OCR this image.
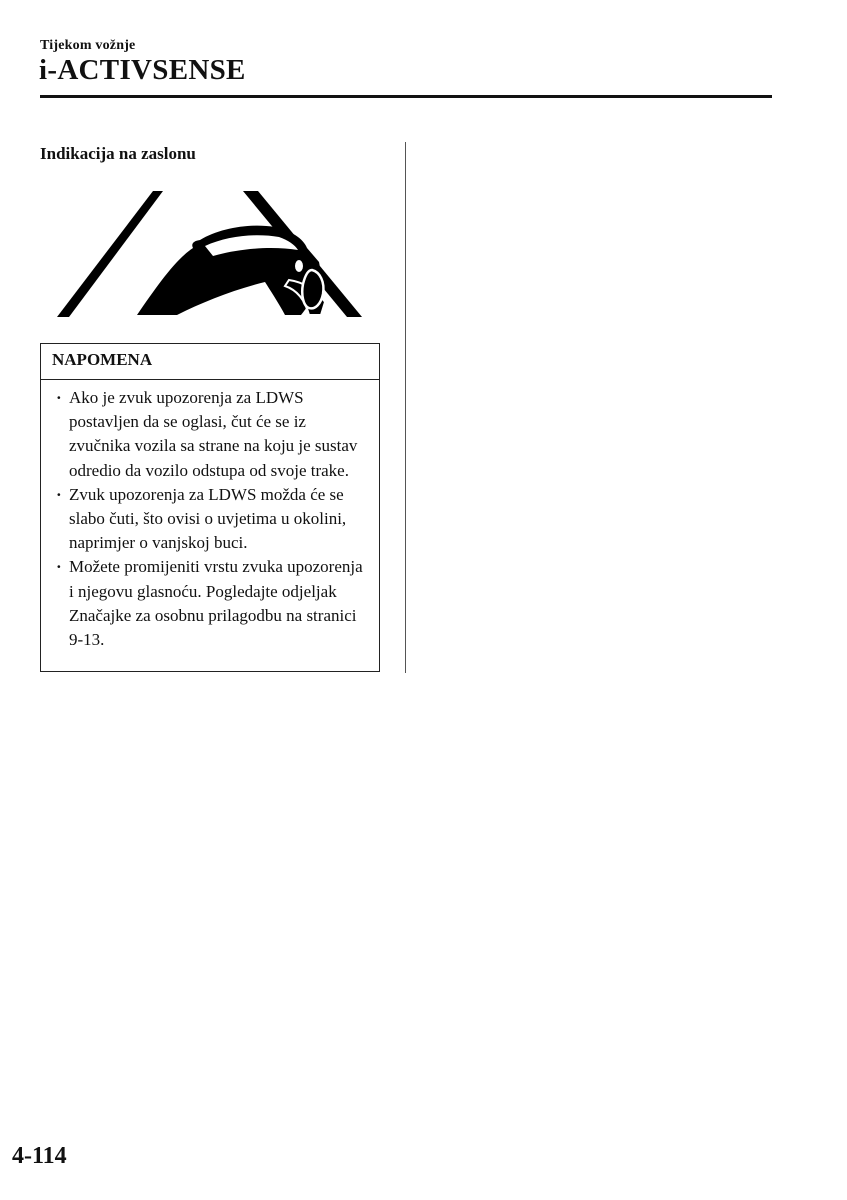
Tijekom vožnje
i-ACTIVSENSE
Indikacija na zaslonu
NAPOMENA
· Ako je zvuk upozorenja za LDWS postavljen da se oglasi, čut će se iz zvučnika vozila sa strane na koju je sustav odredio da vozilo odstupa od svoje trake.
· Zvuk upozorenja za LDWS možda će se slabo čuti, što ovisi o uvjetima u okolini, naprimjer o vanjskoj buci.
· Možete promijeniti vrstu zvuka upozorenja i njegovu glasnoću. Pogledajte odjeljak Značajke za osobnu prilagodbu na stranici 9-13.
4-114
